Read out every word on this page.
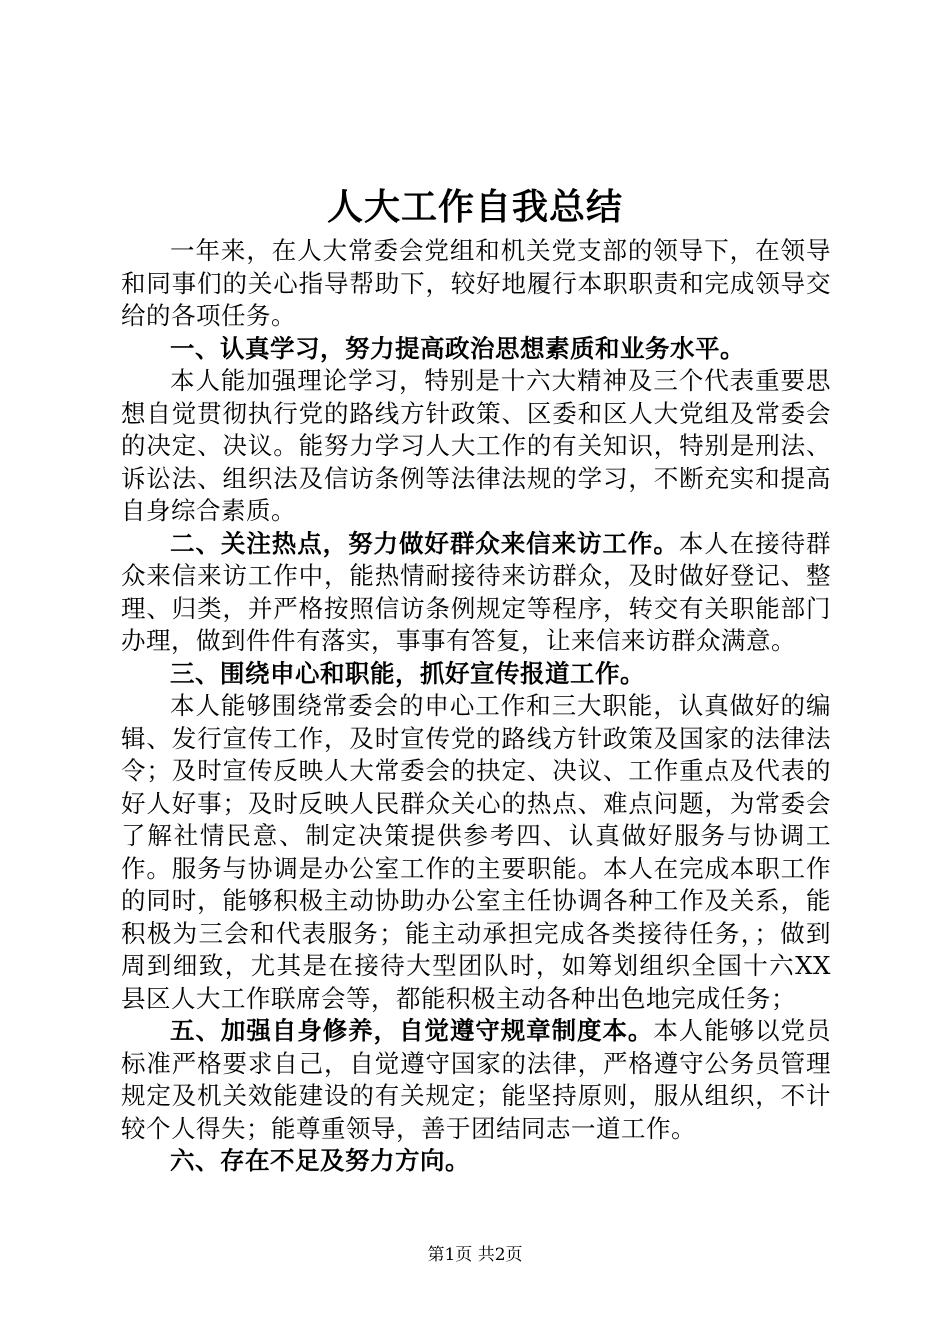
人大工作自我总结

一年来，在人大常委会党组和机关党支部的领导下，在领导和同事们的关心指导帮助下，较好地履行本职职责和完成领导交给的各项任务。

一、认真学习，努力提高政治思想素质和业务水平。

本人能加强理论学习，特别是十六大精神及三个代表重要思想自觉贯彻执行党的路线方针政策、区委和区人大党组及常委会的决定、决议。能努力学习人大工作的有关知识，特别是刑法、诉讼法、组织法及信访条例等法律法规的学习，不断充实和提高自身综合素质。

二、关注热点，努力做好群众来信来访工作。本人在接待群众来信来访工作中，能热情耐接待来访群众，及时做好登记、整理、归类，并严格按照信访条例规定等程序，转交有关职能部门办理，做到件件有落实，事事有答复，让来信来访群众满意。

三、围绕申心和职能，抓好宣传报道工作。

本人能够围绕常委会的申心工作和三大职能，认真做好的编辑、发行宣传工作，及时宣传党的路线方针政策及国家的法律法令；及时宣传反映人大常委会的抉定、决议、工作重点及代表的好人好事；及时反映人民群众关心的热点、难点问题，为常委会了解社情民意、制定决策提供参考四、认真做好服务与协调工作。服务与协调是办公室工作的主要职能。本人在完成本职工作的同时，能够积极主动协助办公室主任协调各种工作及关系，能积极为三会和代表服务；能主动承担完成各类接待任务，；做到周到细致，尤其是在接待大型团队时，如筹划组织全国十六XX县区人大工作联席会等，都能积极主动各种出色地完成任务；

五、加强自身修养，自觉遵守规章制度本。本人能够以党员标准严格要求自己，自觉遵守国家的法律，严格遵守公务员管理规定及机关效能建设的有关规定；能坚持原则，服从组织，不计较个人得失；能尊重领导，善于团结同志一道工作。

六、存在不足及努力方向。

第1页 共2页
